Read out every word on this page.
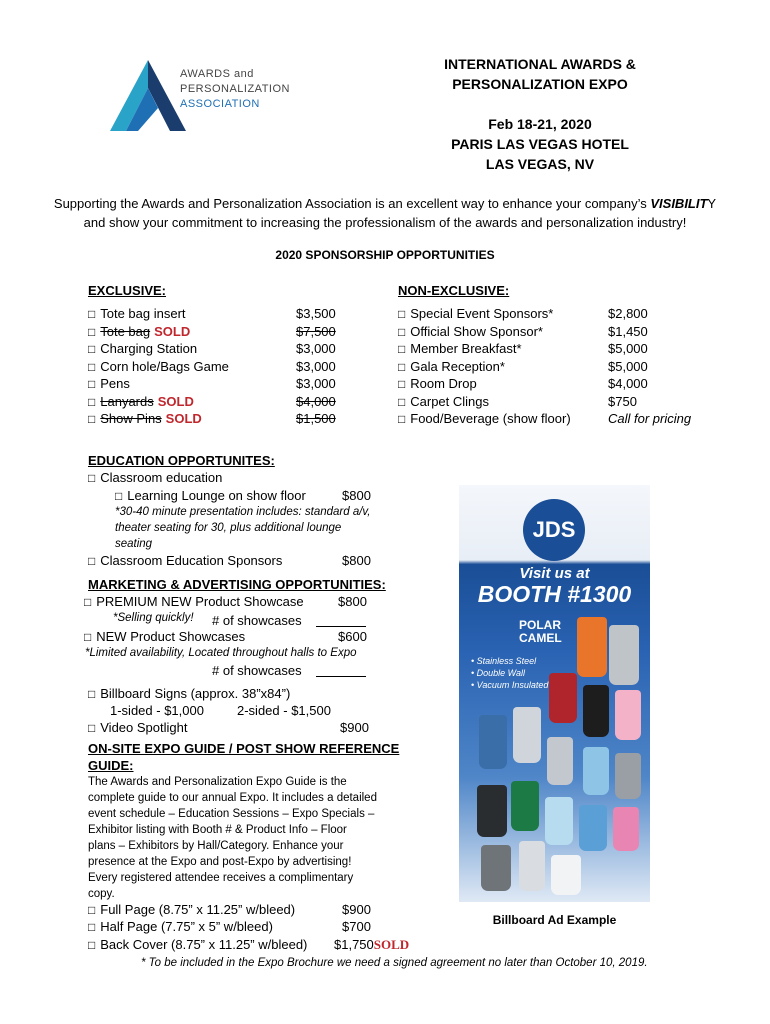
AWARDS and
PERSONALIZATION
ASSOCIATION
INTERNATIONAL AWARDS &
PERSONALIZATION EXPO
Feb 18-21, 2020
PARIS LAS VEGAS HOTEL
LAS VEGAS, NV
Supporting the Awards and Personalization Association is an excellent way to enhance your company’s VISIBILITY
and show your commitment to increasing the professionalism of the awards and personalization industry!
2020 SPONSORSHIP OPPORTUNITIES
EXCLUSIVE:
□ Tote bag insert	$3,500
□ Tote bag SOLD	$7,500
□ Charging Station	$3,000
□ Corn hole/Bags Game	$3,000
□ Pens	$3,000
□ Lanyards SOLD	$4,000
□ Show Pins SOLD	$1,500
NON-EXCLUSIVE:
□ Special Event Sponsors*	$2,800
□ Official Show Sponsor*	$1,450
□ Member Breakfast*	$5,000
□ Gala Reception*	$5,000
□ Room Drop	$4,000
□ Carpet Clings	$750
□ Food/Beverage (show floor)	Call for pricing
EDUCATION OPPORTUNITES:
□ Classroom education
□ Learning Lounge on show floor	$800
*30-40 minute presentation includes: standard a/v,
theater seating for 30, plus additional lounge
seating
□ Classroom Education Sponsors	$800
MARKETING & ADVERTISING OPPORTUNITIES:
□ PREMIUM NEW Product Showcase	$800
*Selling quickly! # of showcases
□ NEW Product Showcases	$600
*Limited availability, Located throughout halls to Expo
# of showcases
□ Billboard Signs (approx. 38”x84”)
1-sided - $1,000	2-sided - $1,500
□ Video Spotlight	$900
ON-SITE EXPO GUIDE / POST SHOW REFERENCE
GUIDE:
The Awards and Personalization Expo Guide is the
complete guide to our annual Expo. It includes a detailed
event schedule – Education Sessions – Expo Specials –
Exhibitor listing with Booth # & Product Info – Floor
plans – Exhibitors by Hall/Category. Enhance your
presence at the Expo and post-Expo by advertising!
Every registered attendee receives a complimentary
copy.
□ Full Page (8.75” x 11.25” w/bleed)	$900
□ Half Page (7.75” x 5” w/bleed)	$700
□ Back Cover (8.75” x 11.25” w/bleed) $1,750SOLD
JDS
Visit us at
BOOTH #1300
POLAR
CAMEL
• Stainless Steel
• Double Wall
• Vacuum Insulated
Billboard Ad Example
* To be included in the Expo Brochure we need a signed agreement no later than October 10, 2019.
